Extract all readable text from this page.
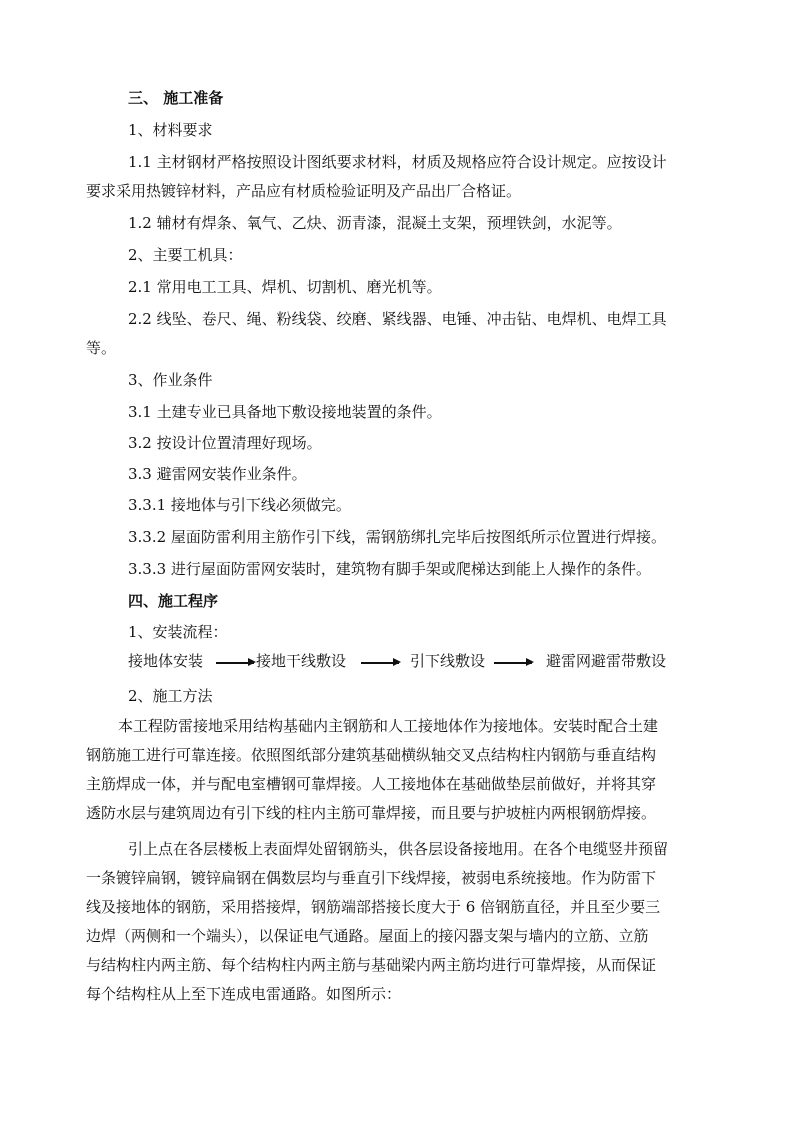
三、 施工准备
1、材料要求
1.1 主材钢材严格按照设计图纸要求材料，材质及规格应符合设计规定。应按设计
要求采用热镀锌材料，产品应有材质检验证明及产品出厂合格证。
1.2 辅材有焊条、氧气、乙炔、沥青漆，混凝土支架，预埋铁剑，水泥等。
2、主要工机具：
2.1 常用电工工具、焊机、切割机、磨光机等。
2.2 线坠、卷尺、绳、粉线袋、绞磨、紧线器、电锤、冲击钻、电焊机、电焊工具
等。
3、作业条件
3.1 土建专业已具备地下敷设接地装置的条件。
3.2 按设计位置清理好现场。
3.3 避雷网安装作业条件。
3.3.1 接地体与引下线必须做完。
3.3.2 屋面防雷利用主筋作引下线，需钢筋绑扎完毕后按图纸所示位置进行焊接。
3.3.3 进行屋面防雷网安装时，建筑物有脚手架或爬梯达到能上人操作的条件。
四、施工程序
1、安装流程：
接地体安装	接地干线敷设	引下线敷设	避雷网避雷带敷设
2、施工方法
本工程防雷接地采用结构基础内主钢筋和人工接地体作为接地体。安装时配合土建
钢筋施工进行可靠连接。依照图纸部分建筑基础横纵轴交叉点结构柱内钢筋与垂直结构
主筋焊成一体，并与配电室槽钢可靠焊接。人工接地体在基础做垫层前做好，并将其穿
透防水层与建筑周边有引下线的柱内主筋可靠焊接，而且要与护坡桩内两根钢筋焊接。
引上点在各层楼板上表面焊处留钢筋头，供各层设备接地用。在各个电缆竖井预留
一条镀锌扁钢，镀锌扁钢在偶数层均与垂直引下线焊接，被弱电系统接地。作为防雷下
线及接地体的钢筋，采用搭接焊，钢筋端部搭接长度大于 6 倍钢筋直径，并且至少要三
边焊（两侧和一个端头），以保证电气通路。屋面上的接闪器支架与墙内的立筋、立筋
与结构柱内两主筋、每个结构柱内两主筋与基础梁内两主筋均进行可靠焊接，从而保证
每个结构柱从上至下连成电雷通路。如图所示：
